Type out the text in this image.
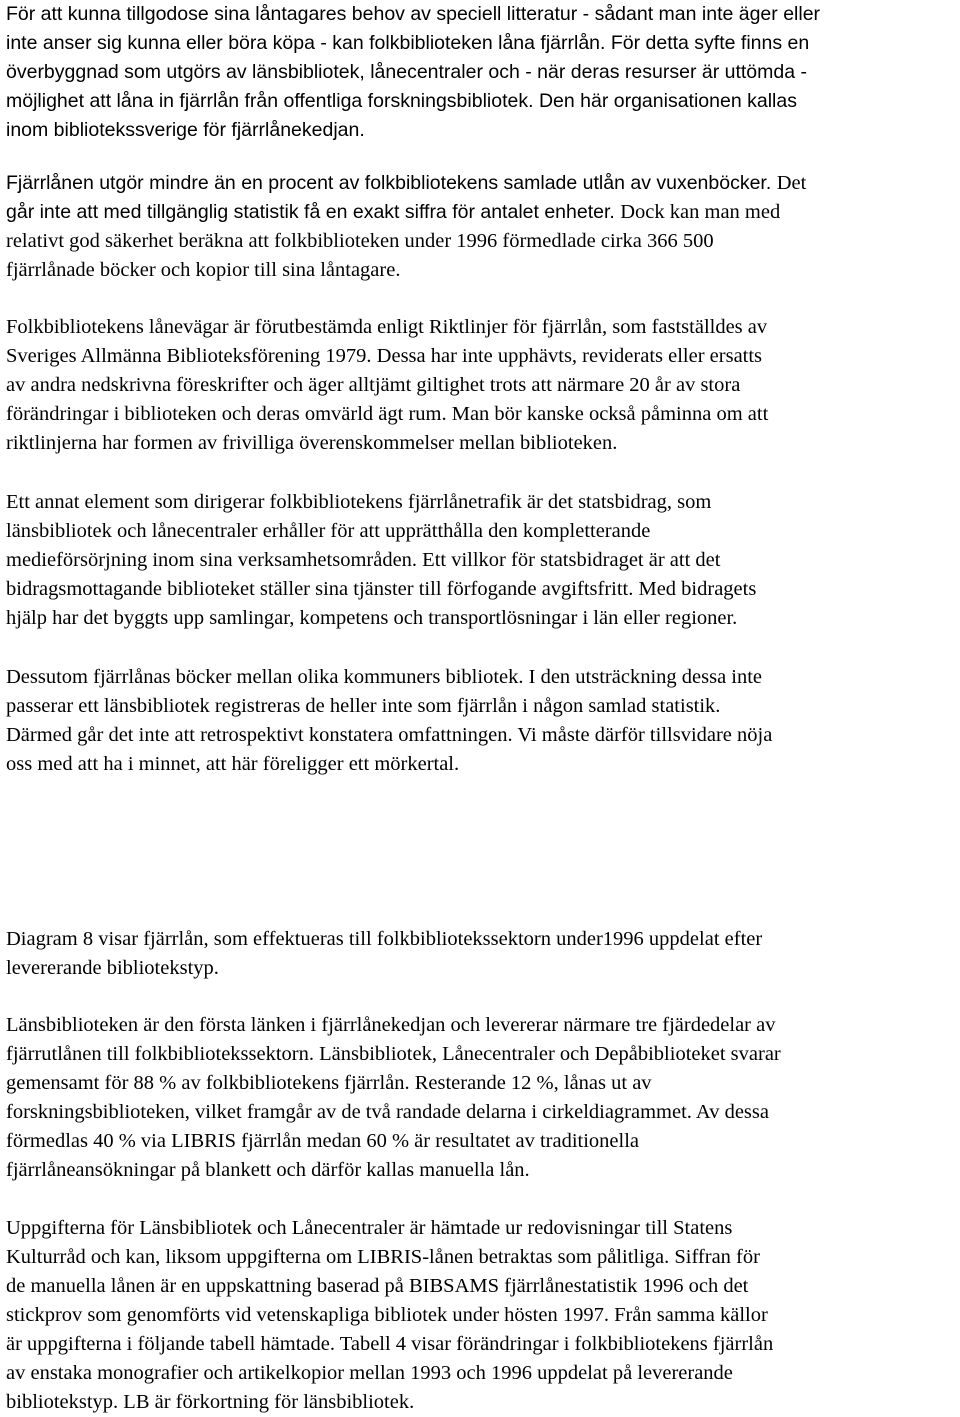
För att kunna tillgodose sina låntagares behov av speciell litteratur - sådant man inte äger eller
inte anser sig kunna eller böra köpa - kan folkbiblioteken låna fjärrlån. För detta syfte finns en
överbyggnad som utgörs av länsbibliotek, lånecentraler och - när deras resurser är uttömda -
möjlighet att låna in fjärrlån från offentliga forskningsbibliotek. Den här organisationen kallas
inom bibliotekssverige för fjärrlånekedjan.
Fjärrlånen utgör mindre än en procent av folkbibliotekens samlade utlån av vuxenböcker. Det
går inte att med tillgänglig statistik få en exakt siffra för antalet enheter. Dock kan man med
relativt god säkerhet beräkna att folkbiblioteken under 1996 förmedlade cirka 366 500
fjärrlånade böcker och kopior till sina låntagare.
Folkbibliotekens lånevägar är förutbestämda enligt Riktlinjer för fjärrlån, som fastställdes av
Sveriges Allmänna Biblioteksförening 1979. Dessa har inte upphävts, reviderats eller ersatts
av andra nedskrivna föreskrifter och äger alltjämt giltighet trots att närmare 20 år av stora
förändringar i biblioteken och deras omvärld ägt rum. Man bör kanske också påminna om att
riktlinjerna har formen av frivilliga överenskommelser mellan biblioteken.
Ett annat element som dirigerar folkbibliotekens fjärrlånetrafik är det statsbidrag, som
länsbibliotek och lånecentraler erhåller för att upprätthålla den kompletterande
medieförsörjning inom sina verksamhetsområden. Ett villkor för statsbidraget är att det
bidragsmottagande biblioteket ställer sina tjänster till förfogande avgiftsfritt. Med bidragets
hjälp har det byggts upp samlingar, kompetens och transportlösningar i län eller regioner.
Dessutom fjärrlånas böcker mellan olika kommuners bibliotek. I den utsträckning dessa inte
passerar ett länsbibliotek registreras de heller inte som fjärrlån i någon samlad statistik.
Därmed går det inte att retrospektivt konstatera omfattningen. Vi måste därför tillsvidare nöja
oss med att ha i minnet, att här föreligger ett mörkertal.
Diagram 8 visar fjärrlån, som effektueras till folkbibliotekssektorn under1996 uppdelat efter
levererande bibliotekstyp.
Länsbiblioteken är den första länken i fjärrlånekedjan och levererar närmare tre fjärdedelar av
fjärrutlånen till folkbibliotekssektorn. Länsbibliotek, Lånecentraler och Depåbiblioteket svarar
gemensamt för 88 % av folkbibliotekens fjärrlån. Resterande 12 %, lånas ut av
forskningsbiblioteken, vilket framgår av de två randade delarna i cirkeldiagrammet. Av dessa
förmedlas 40 % via LIBRIS fjärrlån medan 60 % är resultatet av traditionella
fjärrlåneansökningar på blankett och därför kallas manuella lån.
Uppgifterna för Länsbibliotek och Lånecentraler är hämtade ur redovisningar till Statens
Kulturråd och kan, liksom uppgifterna om LIBRIS-lånen betraktas som pålitliga. Siffran för
de manuella lånen är en uppskattning baserad på BIBSAMS fjärrlånestatistik 1996 och det
stickprov som genomförts vid vetenskapliga bibliotek under hösten 1997. Från samma källor
är uppgifterna i följande tabell hämtade. Tabell 4 visar förändringar i folkbibliotekens fjärrlån
av enstaka monografier och artikelkopior mellan 1993 och 1996 uppdelat på levererande
bibliotekstyp. LB är förkortning för länsbibliotek.
